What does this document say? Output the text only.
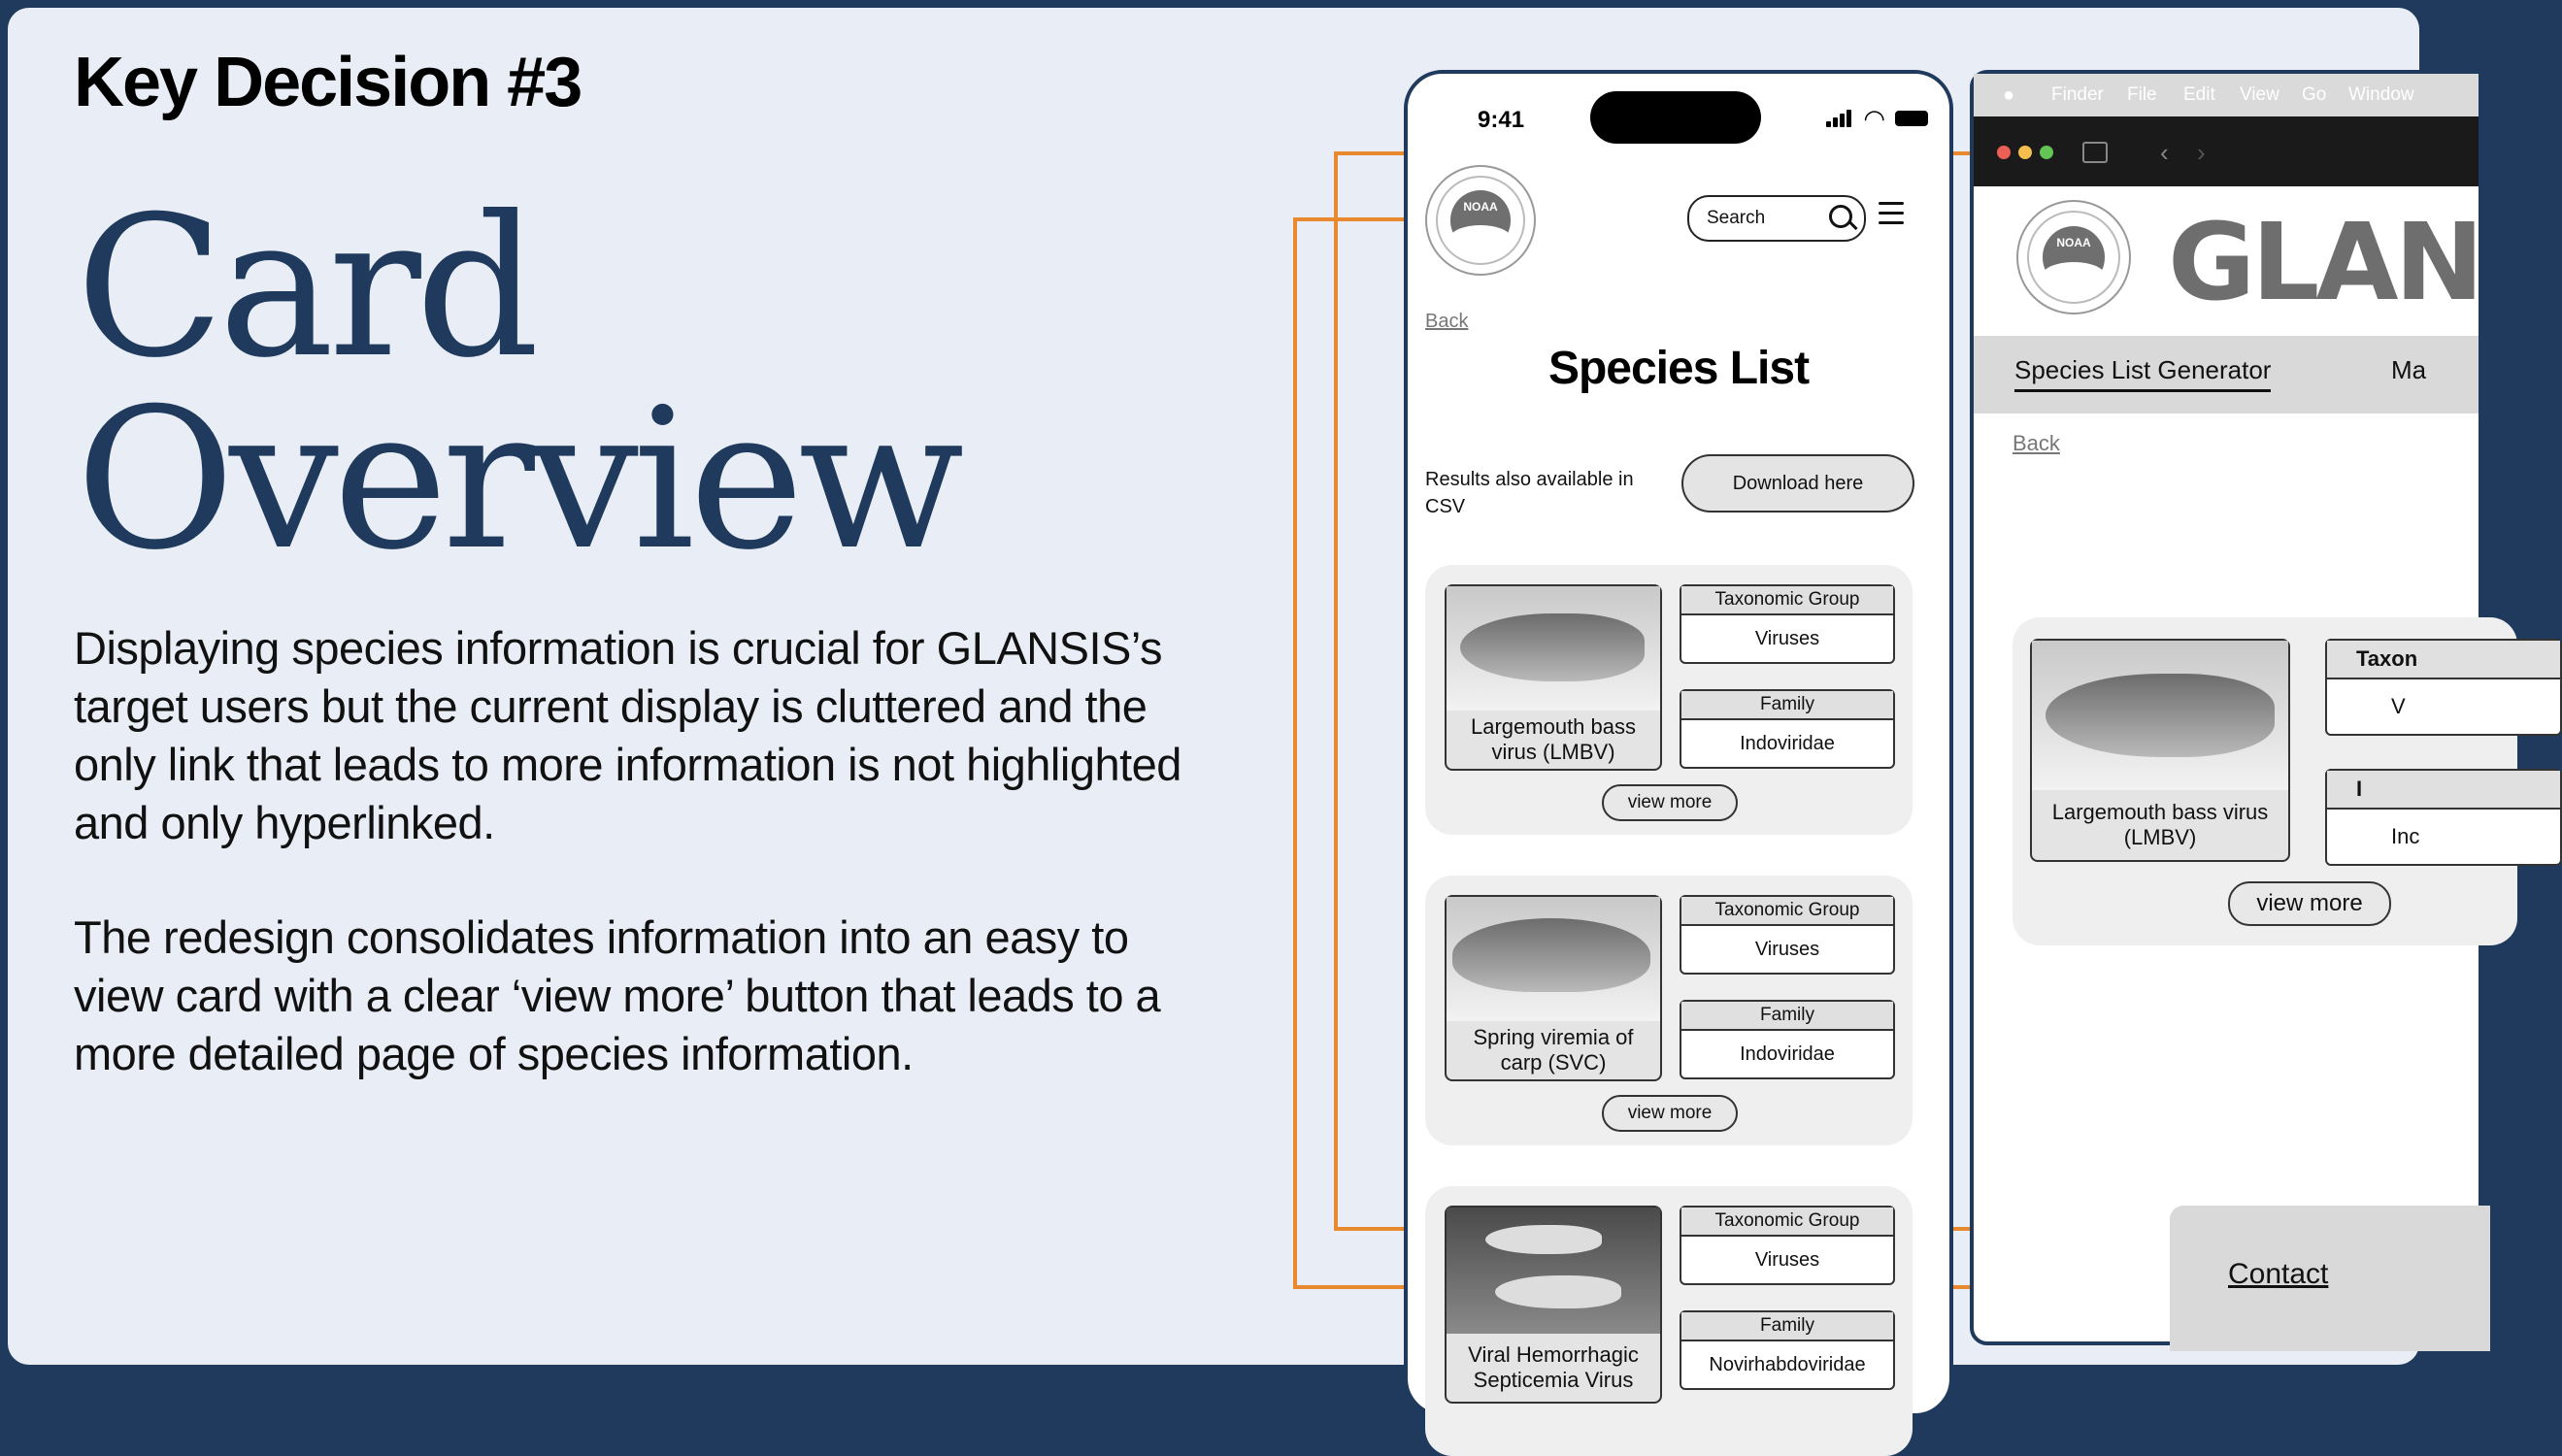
Key Decision #3
Card
Overview
Displaying species information is crucial for GLANSIS’s target users but the current display is cluttered and the only link that leads to more information is not highlighted and only hyperlinked.
The redesign consolidates information into an easy to view card with a clear ‘view more’ button that leads to a more detailed page of species information.
9:41	◠
NOAA
Search
Back
Species List
Results also available in CSV
Download here
Largemouth bass virus (LMBV)
Taxonomic Group
Viruses
Family
Indoviridae
view more
Spring viremia of carp (SVC)
Taxonomic Group
Viruses
Family
Indoviridae
view more
Viral Hemorrhagic Septicemia Virus
Taxonomic Group
Viruses
Family
Novirhabdoviridae
● Finder File Edit View Go Window
‹ ›
NOAA GLAN
Species List Generator	Ma
Back
Largemouth bass virus (LMBV)
Taxon
V
I
Inc
view more
Contact
